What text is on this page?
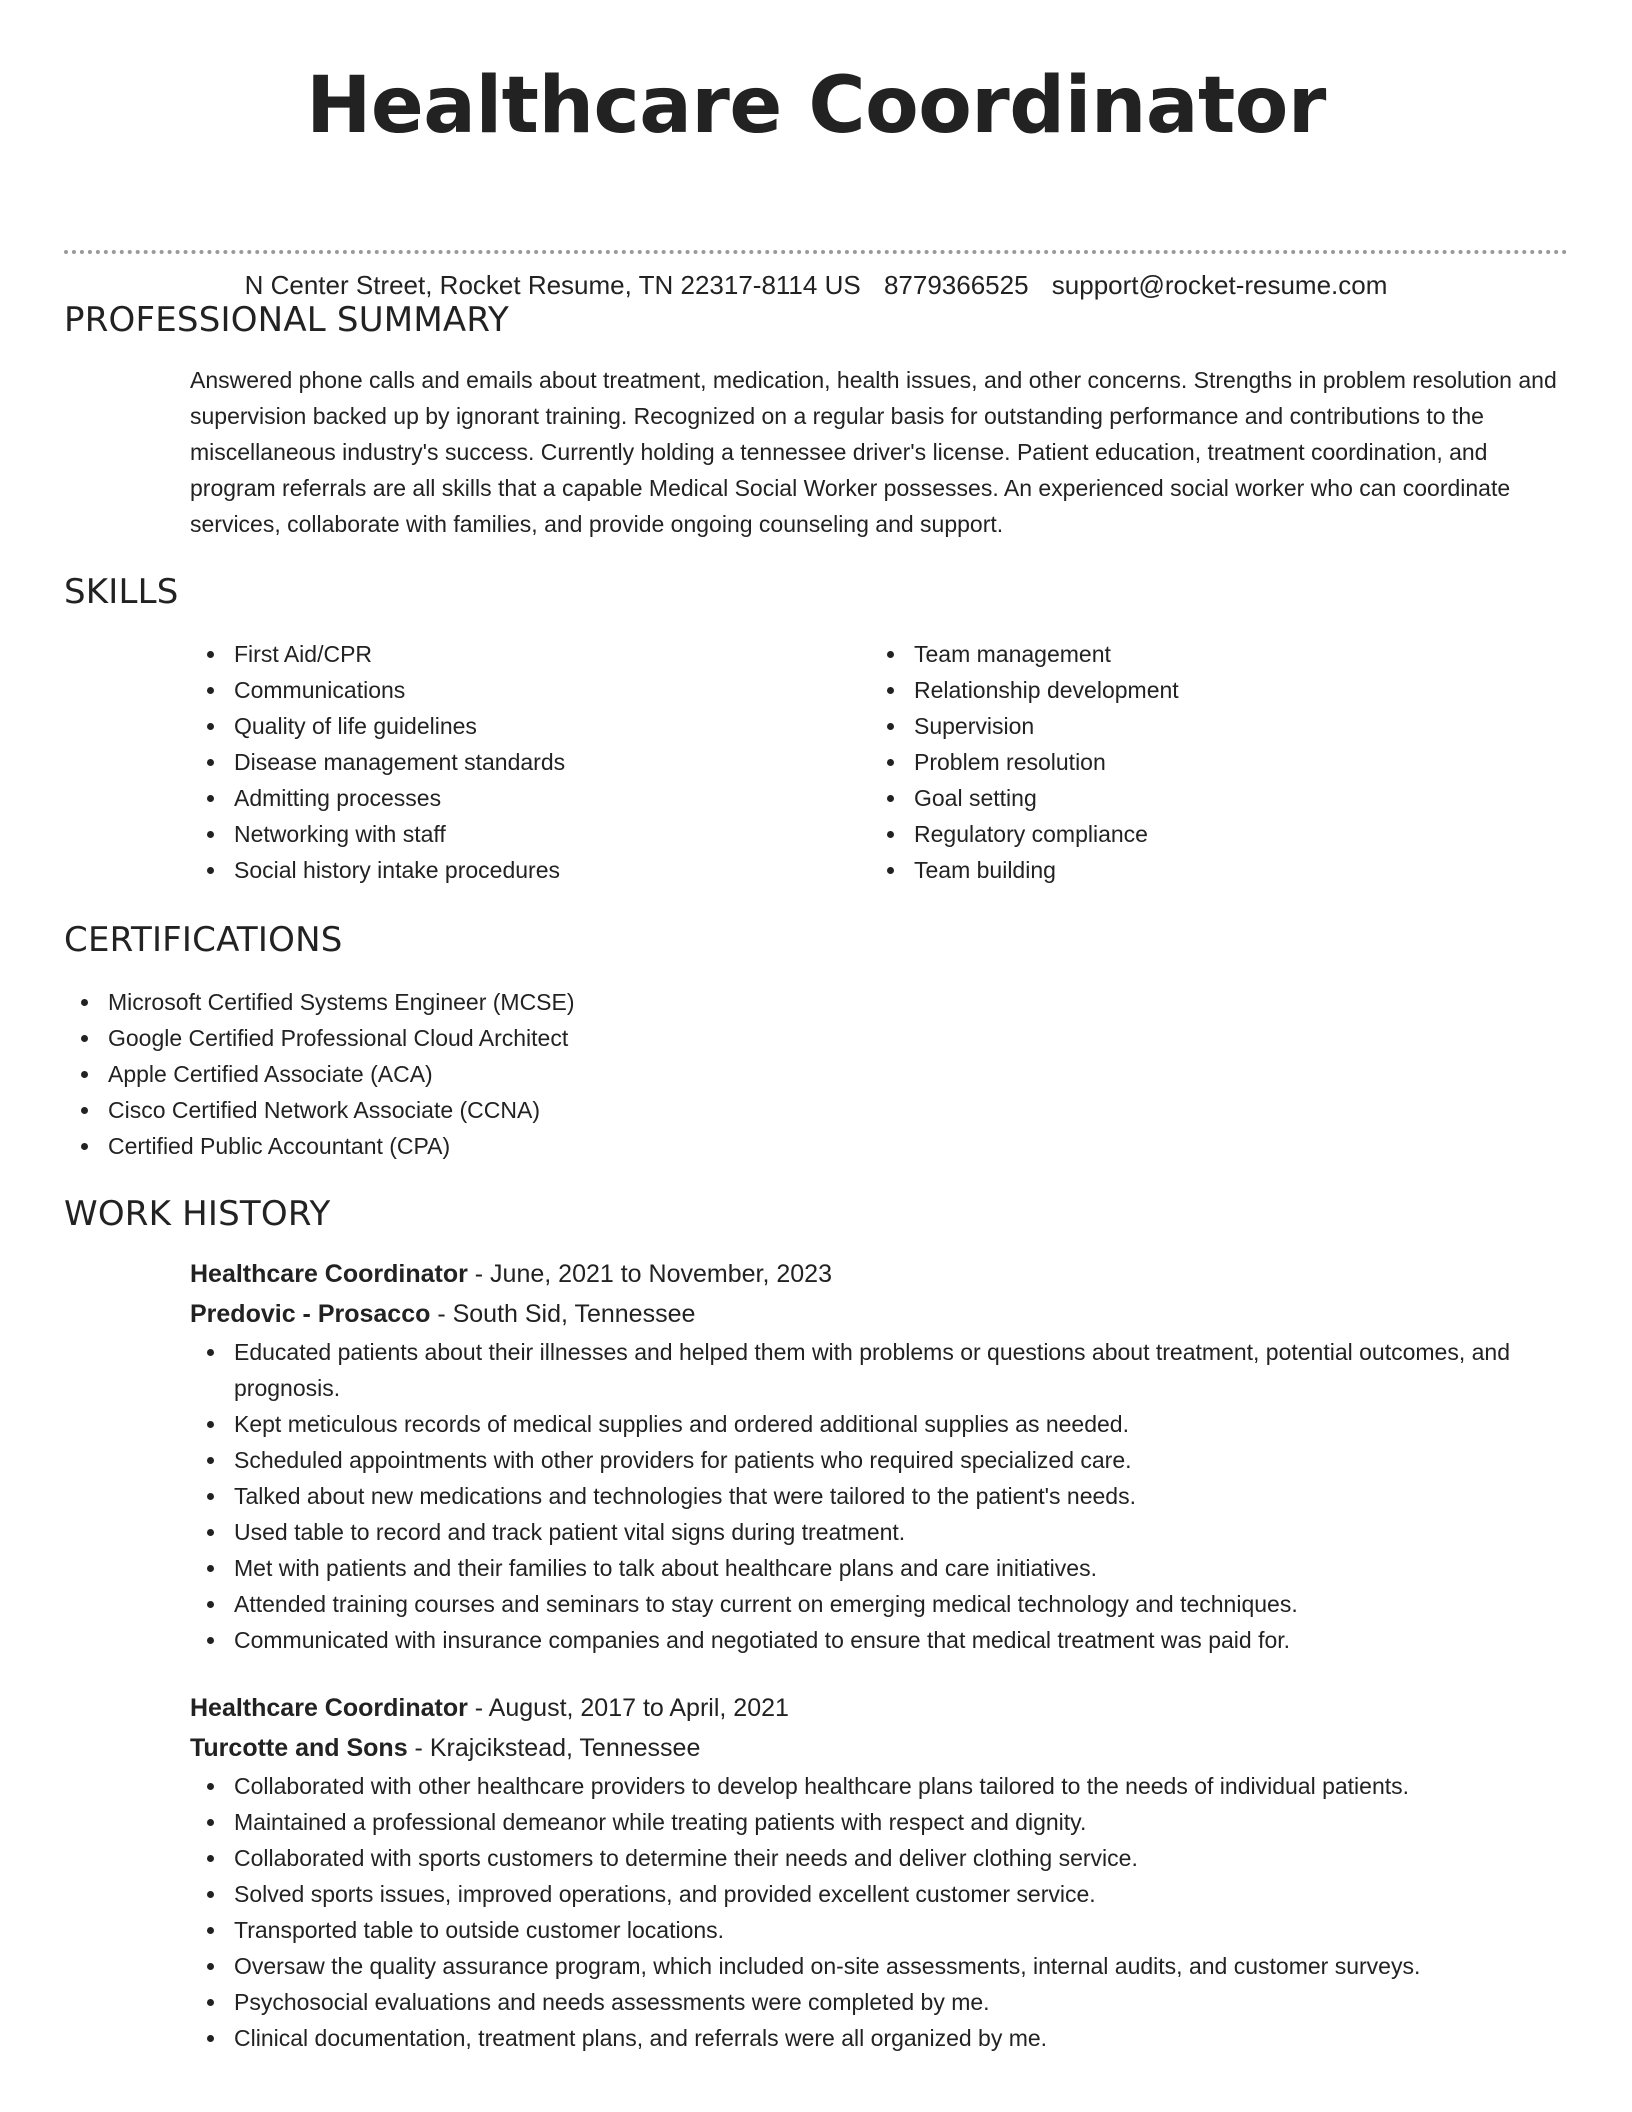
Healthcare Coordinator
N Center Street, Rocket Resume, TN 22317-8114 US 8779366525 support@rocket-resume.com
PROFESSIONAL SUMMARY
Answered phone calls and emails about treatment, medication, health issues, and other concerns. Strengths in problem resolution and supervision backed up by ignorant training. Recognized on a regular basis for outstanding performance and contributions to the miscellaneous industry's success. Currently holding a tennessee driver's license. Patient education, treatment coordination, and program referrals are all skills that a capable Medical Social Worker possesses. An experienced social worker who can coordinate services, collaborate with families, and provide ongoing counseling and support.
SKILLS
First Aid/CPR
Communications
Quality of life guidelines
Disease management standards
Admitting processes
Networking with staff
Social history intake procedures
Team management
Relationship development
Supervision
Problem resolution
Goal setting
Regulatory compliance
Team building
CERTIFICATIONS
Microsoft Certified Systems Engineer (MCSE)
Google Certified Professional Cloud Architect
Apple Certified Associate (ACA)
Cisco Certified Network Associate (CCNA)
Certified Public Accountant (CPA)
WORK HISTORY
Healthcare Coordinator - June, 2021 to November, 2023
Predovic - Prosacco - South Sid, Tennessee
Educated patients about their illnesses and helped them with problems or questions about treatment, potential outcomes, and prognosis.
Kept meticulous records of medical supplies and ordered additional supplies as needed.
Scheduled appointments with other providers for patients who required specialized care.
Talked about new medications and technologies that were tailored to the patient's needs.
Used table to record and track patient vital signs during treatment.
Met with patients and their families to talk about healthcare plans and care initiatives.
Attended training courses and seminars to stay current on emerging medical technology and techniques.
Communicated with insurance companies and negotiated to ensure that medical treatment was paid for.
Healthcare Coordinator - August, 2017 to April, 2021
Turcotte and Sons - Krajcikstead, Tennessee
Collaborated with other healthcare providers to develop healthcare plans tailored to the needs of individual patients.
Maintained a professional demeanor while treating patients with respect and dignity.
Collaborated with sports customers to determine their needs and deliver clothing service.
Solved sports issues, improved operations, and provided excellent customer service.
Transported table to outside customer locations.
Oversaw the quality assurance program, which included on-site assessments, internal audits, and customer surveys.
Psychosocial evaluations and needs assessments were completed by me.
Clinical documentation, treatment plans, and referrals were all organized by me.
